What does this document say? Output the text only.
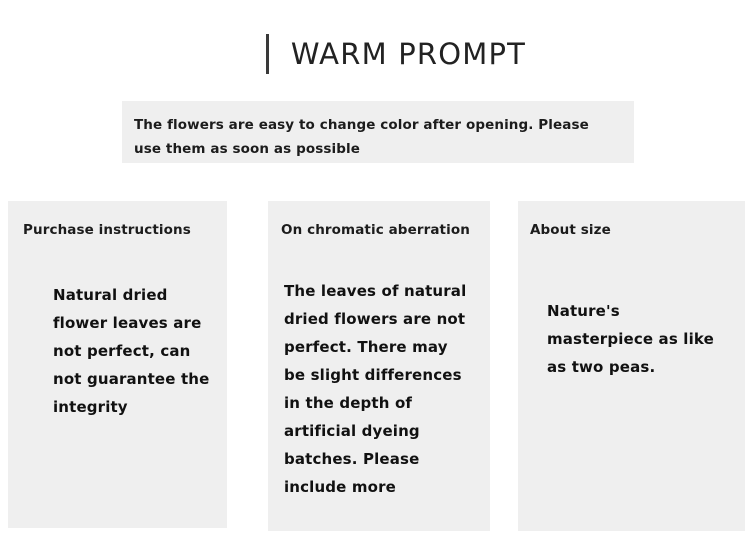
WARM PROMPT
The flowers are easy to change color after opening. Please use them as soon as possible
Purchase instructions
Natural dried flower leaves are not perfect, can not guarantee the integrity
On chromatic aberration
The leaves of natural dried flowers are not perfect. There may be slight differences in the depth of artificial dyeing batches. Please include more
About size
Nature's masterpiece as like as two peas.
